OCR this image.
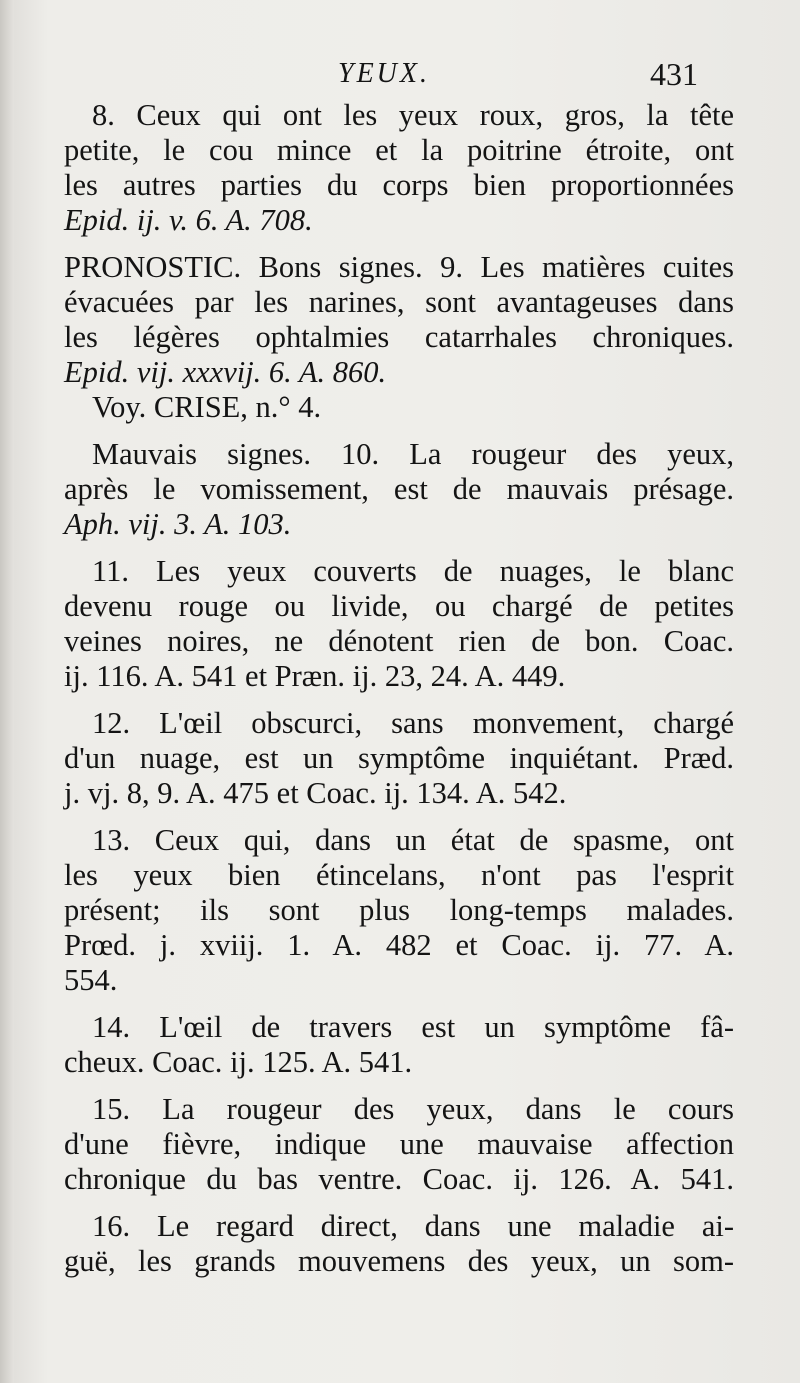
YEUX.	431
8. Ceux qui ont les yeux roux, gros, la tête
petite, le cou mince et la poitrine étroite, ont
les autres parties du corps bien proportionnées
Epid. ij. v. 6. A. 708.
PRONOSTIC. Bons signes. 9. Les matières cuites
évacuées par les narines, sont avantageuses dans
les légères ophtalmies catarrhales chroniques.
Epid. vij. xxxvij. 6. A. 860.
Voy. CRISE, n.° 4.
Mauvais signes. 10. La rougeur des yeux,
après le vomissement, est de mauvais présage.
Aph. vij. 3. A. 103.
11. Les yeux couverts de nuages, le blanc
devenu rouge ou livide, ou chargé de petites
veines noires, ne dénotent rien de bon. Coac.
ij. 116. A. 541 et Præn. ij. 23, 24. A. 449.
12. L'œil obscurci, sans monvement, chargé
d'un nuage, est un symptôme inquiétant. Præd.
j. vj. 8, 9. A. 475 et Coac. ij. 134. A. 542.
13. Ceux qui, dans un état de spasme, ont
les yeux bien étincelans, n'ont pas l'esprit
présent; ils sont plus long-temps malades.
Prœd. j. xviij. 1. A. 482 et Coac. ij. 77. A.
554.
14. L'œil de travers est un symptôme fâ-
cheux. Coac. ij. 125. A. 541.
15. La rougeur des yeux, dans le cours
d'une fièvre, indique une mauvaise affection
chronique du bas ventre. Coac. ij. 126. A. 541.
16. Le regard direct, dans une maladie ai-
guë, les grands mouvemens des yeux, un som-
